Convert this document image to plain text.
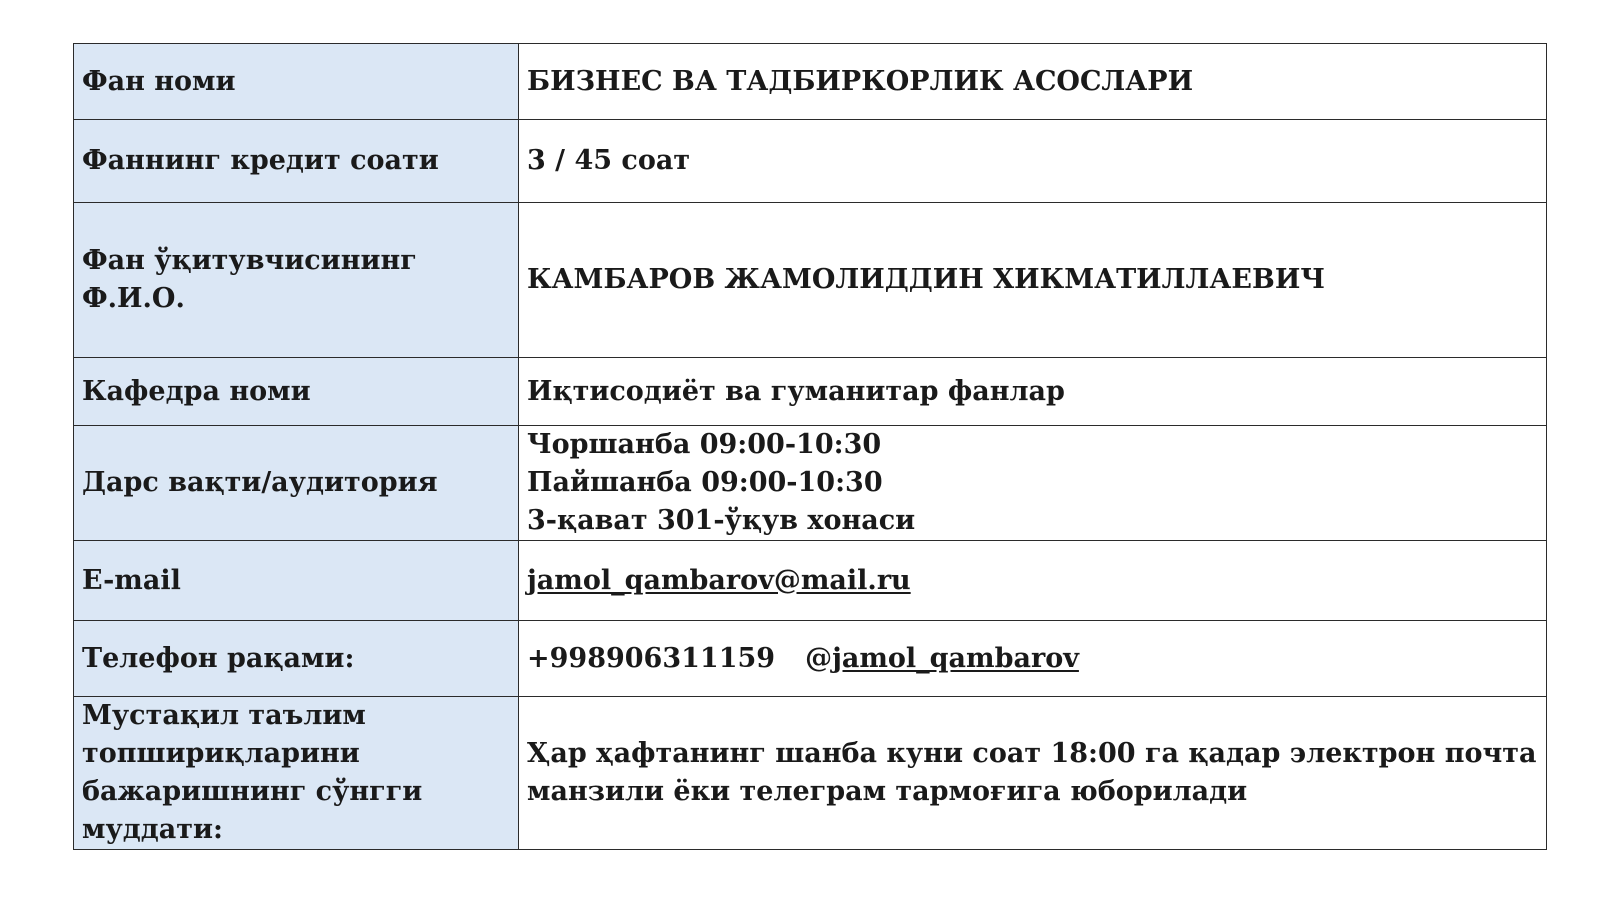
Фан номи	БИЗНЕС ВА ТАДБИРКОРЛИК АСОСЛАРИ
Фаннинг кредит соати	3 / 45 соат

Фан ўқитувчисининг
Ф.И.О.	КАМБАРОВ ЖАМОЛИДДИН ХИКМАТИЛЛАЕВИЧ
Кафедра номи	Иқтисодиёт ва гуманитар фанлар
Дарс вақти/аудитория	Чоршанба 09:00-10:30
Пайшанба 09:00-10:30
3-қават 301-ўқув хонаси

E-mail	jamol_qambarov@mail.ru
Телефон рақами:	+998906311159 @jamol_qambarov

Мустақил таълим
топшириқларини
бажаришнинг сўнгги
муддати:	Ҳар ҳафтанинг шанба куни соат 18:00 га қадар электрон почта
манзили ёки телеграм тармоғига юборилади
